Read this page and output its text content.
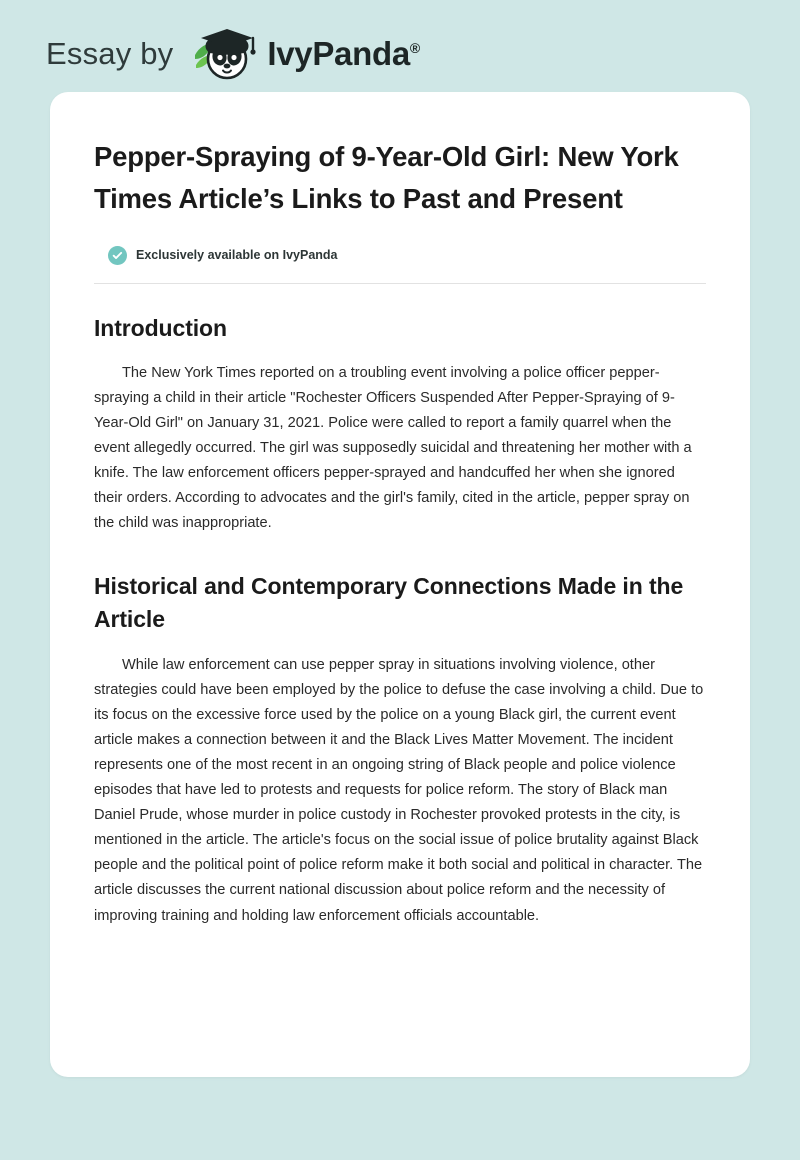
Essay by	IvyPanda®
Pepper-Spraying of 9-Year-Old Girl: New York Times Article’s Links to Past and Present
Exclusively available on IvyPanda
Introduction

The New York Times reported on a troubling event involving a police officer pepper-spraying a child in their article "Rochester Officers Suspended After Pepper-Spraying of 9-Year-Old Girl" on January 31, 2021. Police were called to report a family quarrel when the event allegedly occurred. The girl was supposedly suicidal and threatening her mother with a knife. The law enforcement officers pepper-sprayed and handcuffed her when she ignored their orders. According to advocates and the girl's family, cited in the article, pepper spray on the child was inappropriate.

Historical and Contemporary Connections Made in the Article

While law enforcement can use pepper spray in situations involving violence, other strategies could have been employed by the police to defuse the case involving a child. Due to its focus on the excessive force used by the police on a young Black girl, the current event article makes a connection between it and the Black Lives Matter Movement. The incident represents one of the most recent in an ongoing string of Black people and police violence episodes that have led to protests and requests for police reform. The story of Black man Daniel Prude, whose murder in police custody in Rochester provoked protests in the city, is mentioned in the article. The article's focus on the social issue of police brutality against Black people and the political point of police reform make it both social and political in character. The article discusses the current national discussion about police reform and the necessity of improving training and holding law enforcement officials accountable.
